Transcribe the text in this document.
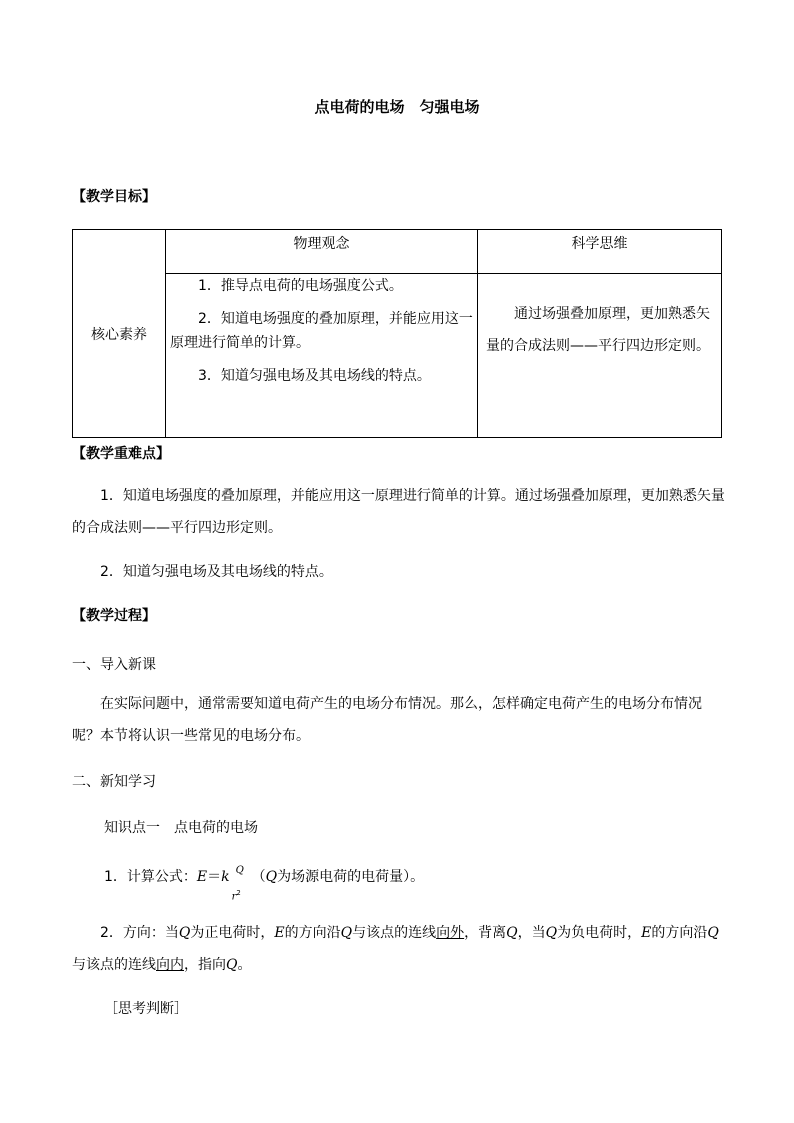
点电荷的电场　匀强电场
【教学目标】
核心素养	物理观念	科学思维

	1．推导点电荷的电场强度公式。
2．知道电场强度的叠加原理，并能应用这一原理进行简单的计算。
3．知道匀强电场及其电场线的特点。	通过场强叠加原理，更加熟悉矢量的合成法则——平行四边形定则。
【教学重难点】
1．知道电场强度的叠加原理，并能应用这一原理进行简单的计算。通过场强叠加原理，更加熟悉矢量的合成法则——平行四边形定则。
2．知道匀强电场及其电场线的特点。
【教学过程】
一、导入新课
在实际问题中，通常需要知道电荷产生的电场分布情况。那么，怎样确定电荷产生的电场分布情况呢？本节将认识一些常见的电场分布。
二、新知学习
知识点一　点电荷的电场
1．计算公式：E＝k Q
$r^2$
（Q为场源电荷的电荷量）。
2．方向：当Q为正电荷时，E的方向沿Q与该点的连线向外，背离Q，当Q为负电荷时，E的方向沿Q与该点的连线向内，指向Q。
［思考判断］
